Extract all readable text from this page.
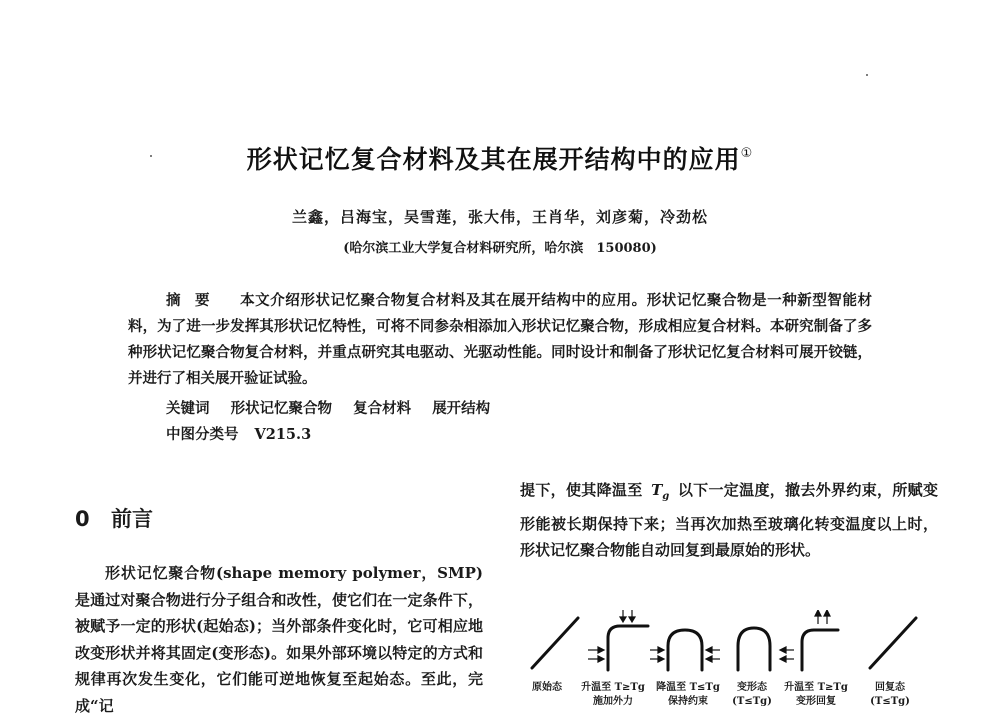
形状记忆复合材料及其在展开结构中的应用①
兰鑫，吕海宝，吴雪莲，张大伟，王肖华，刘彦菊，冷劲松
(哈尔滨工业大学复合材料研究所，哈尔滨　150080)
摘要 本文介绍形状记忆聚合物复合材料及其在展开结构中的应用。形状记忆聚合物是一种新型智能材料，为了进一步发挥其形状记忆特性，可将不同参杂相添加入形状记忆聚合物，形成相应复合材料。本研究制备了多种形状记忆聚合物复合材料，并重点研究其电驱动、光驱动性能。同时设计和制备了形状记忆复合材料可展开铰链，并进行了相关展开验证试验。
关键词 形状记忆聚合物 复合材料 展开结构
中图分类号 V215.3
0 前言

形状记忆聚合物(shape memory polymer，SMP)是通过对聚合物进行分子组合和改性，使它们在一定条件下，被赋予一定的形状(起始态)；当外部条件变化时，它可相应地改变形状并将其固定(变形态)。如果外部环境以特定的方式和规律再次发生变化，它们能可逆地恢复至起始态。至此，完成“记

提下，使其降温至 $T_g$ 以下一定温度，撤去外界约束，所赋变形能被长期保持下来；当再次加热至玻璃化转变温度以上时，形状记忆聚合物能自动回复到最原始的形状。

原始态	升温至 T≥Tg
施加外力
降温至 T≤Tg
保持约束
变形态
(T≤Tg)
升温至 T≥Tg
变形回复
回复态
(T≤Tg)
